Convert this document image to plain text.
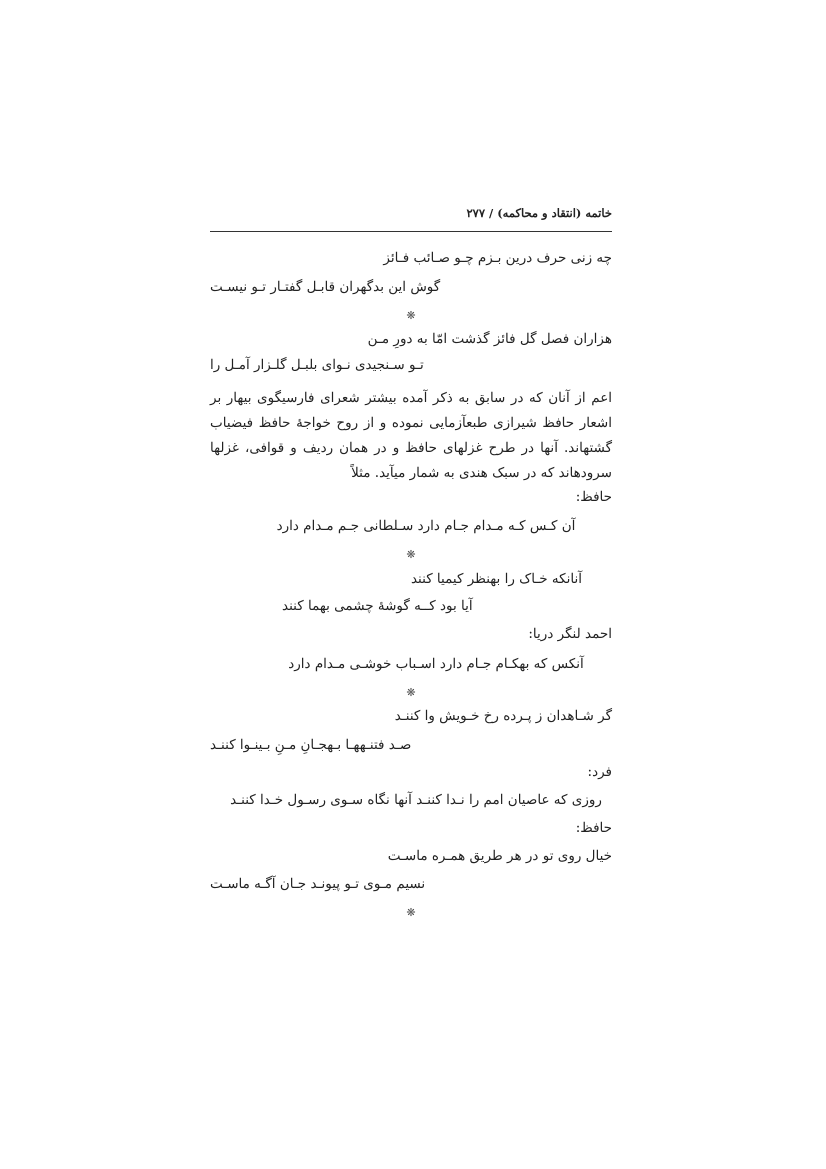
خاتمه (انتقاد و محاکمه) / ۲۷۷
چه زنی حرف درین بـزم چـو صـائب فـائز
گوش این بدگهران قابـل گفتـار تـو نیسـت
❋
هزاران فصل گل فائز گذشت امّا به دورِ مـن
تـو سـنجیدی نـوای بلبـل گلـزار آمـل را
اعم از آنان که در سابق به ذکر آمده بیشتر شعرای فارسیگوی بیهار بر اشعار حافظ شیرازی طبعآزمایی نموده و از روح خواجهٔ حافظ فیضیاب گشتهاند. آنها در طرح غزلهای حافظ و در همان ردیف و قوافی، غزلها سرودهاند که در سبک هندی به شمار میآید. مثلاً
حافظ:
آن کـس کـه مـدام جـام دارد سـلطانی جـم مـدام دارد
❋
آنانکه خـاک را بهنظر کیمیا کنند
آیا بود کــه گوشهٔ چشمی بهما کنند
احمد لنگر دریا:
آنکس که بهکـام جـام دارد اسـباب خوشـی مـدام دارد
❋
گر شـاهدان ز پـرده رخ خـویش وا کننـد
صـد فتنـههـا بـهجـانِ مـنِ بـینـوا کننـد
فرد:
روزی که عاصیان امم را نـدا کننـد آنها نگاه سـوی رسـول خـدا کننـد
حافظ:
خیال روی تو در هر طریق همـره ماسـت
نسیم مـوی تـو پیونـد جـان آگـه ماسـت
❋
